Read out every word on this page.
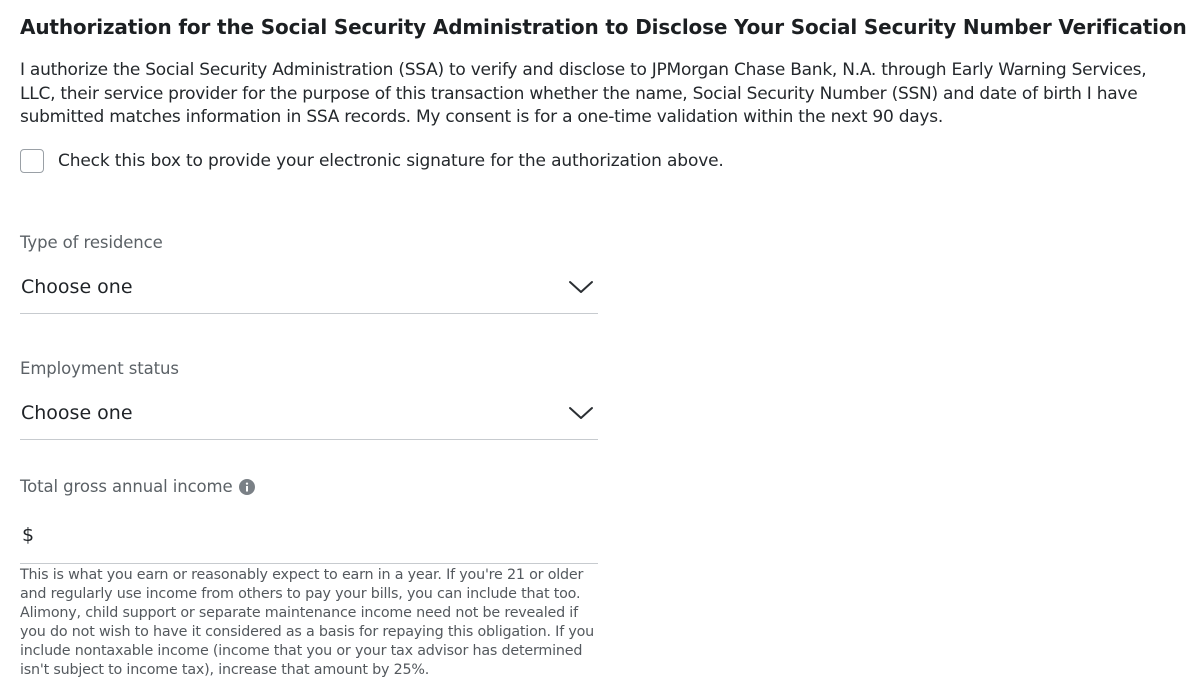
Authorization for the Social Security Administration to Disclose Your Social Security Number Verification

I authorize the Social Security Administration (SSA) to verify and disclose to JPMorgan Chase Bank, N.A. through Early Warning Services, LLC, their service provider for the purpose of this transaction whether the name, Social Security Number (SSN) and date of birth I have submitted matches information in SSA records. My consent is for a one-time validation within the next 90 days.

Check this box to provide your electronic signature for the authorization above.
Type of residence
Choose one
Employment status
Choose one
Total gross annual income
$

This is what you earn or reasonably expect to earn in a year. If you're 21 or older and regularly use income from others to pay your bills, you can include that too. Alimony, child support or separate maintenance income need not be revealed if you do not wish to have it considered as a basis for repaying this obligation. If you include nontaxable income (income that you or your tax advisor has determined isn't subject to income tax), increase that amount by 25%.
